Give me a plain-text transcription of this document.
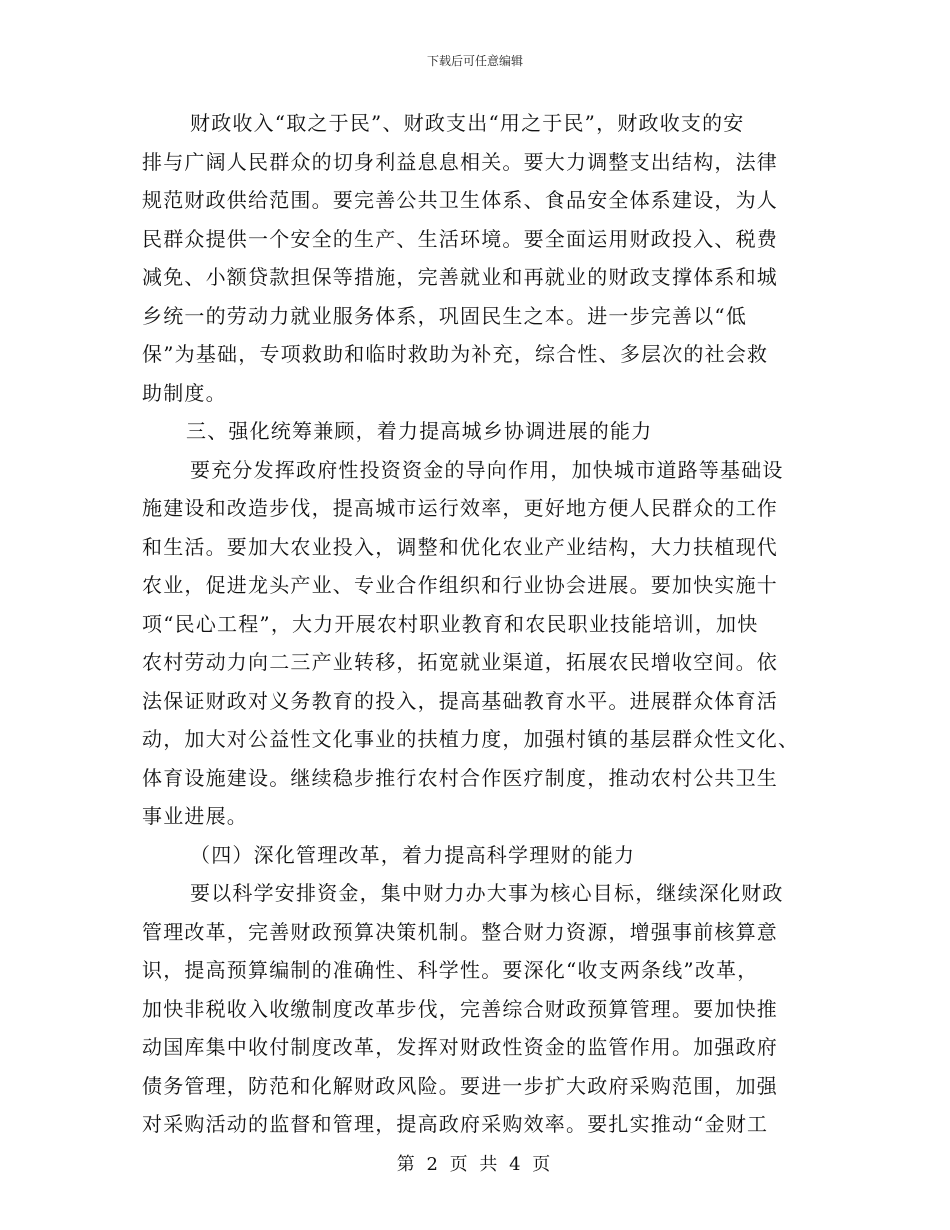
下载后可任意编辑
财政收入“取之于民”、财政支出“用之于民”，财政收支的安
排与广阔人民群众的切身利益息息相关。要大力调整支出结构，法律
规范财政供给范围。要完善公共卫生体系、食品安全体系建设，为人
民群众提供一个安全的生产、生活环境。要全面运用财政投入、税费
减免、小额贷款担保等措施，完善就业和再就业的财政支撑体系和城
乡统一的劳动力就业服务体系，巩固民生之本。进一步完善以“低
保”为基础，专项救助和临时救助为补充，综合性、多层次的社会救
助制度。
三、强化统筹兼顾，着力提高城乡协调进展的能力
要充分发挥政府性投资资金的导向作用，加快城市道路等基础设
施建设和改造步伐，提高城市运行效率，更好地方便人民群众的工作
和生活。要加大农业投入，调整和优化农业产业结构，大力扶植现代
农业，促进龙头产业、专业合作组织和行业协会进展。要加快实施十
项“民心工程”，大力开展农村职业教育和农民职业技能培训，加快
农村劳动力向二三产业转移，拓宽就业渠道，拓展农民增收空间。依
法保证财政对义务教育的投入，提高基础教育水平。进展群众体育活
动，加大对公益性文化事业的扶植力度，加强村镇的基层群众性文化、
体育设施建设。继续稳步推行农村合作医疗制度，推动农村公共卫生
事业进展。
（四）深化管理改革，着力提高科学理财的能力
要以科学安排资金，集中财力办大事为核心目标，继续深化财政
管理改革，完善财政预算决策机制。整合财力资源，增强事前核算意
识，提高预算编制的准确性、科学性。要深化“收支两条线”改革，
加快非税收入收缴制度改革步伐，完善综合财政预算管理。要加快推
动国库集中收付制度改革，发挥对财政性资金的监管作用。加强政府
债务管理，防范和化解财政风险。要进一步扩大政府采购范围，加强
对采购活动的监督和管理，提高政府采购效率。要扎实推动“金财工
第 2 页 共 4 页
